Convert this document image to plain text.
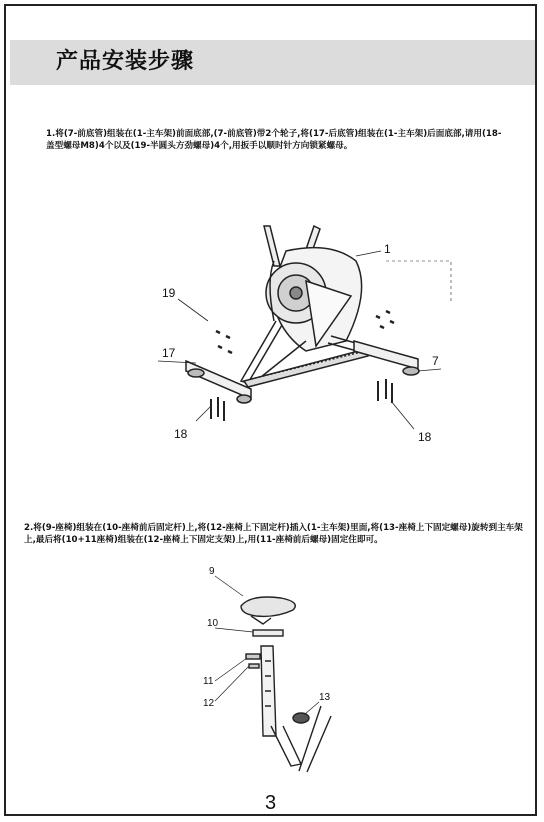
产品安装步骤
1.将(7-前底管)组装在(1-主车架)前面底部,(7-前底管)带2个轮子,将(17-后底管)组装在(1-主车架)后面底部,请用(18-盖型螺母M8)4个以及(19-半圆头方劲螺母)4个,用扳手以顺时针方向锁紧螺母。
1
19
17
7
18	18
2.将(9-座椅)组装在(10-座椅前后固定杆)上,将(12-座椅上下固定杆)插入(1-主车架)里面,将(13-座椅上下固定螺母)旋转到主车架上,最后将(10+11座椅)组装在(12-座椅上下固定支架)上,用(11-座椅前后螺母)固定住即可。
9
10
11
12
13
3
